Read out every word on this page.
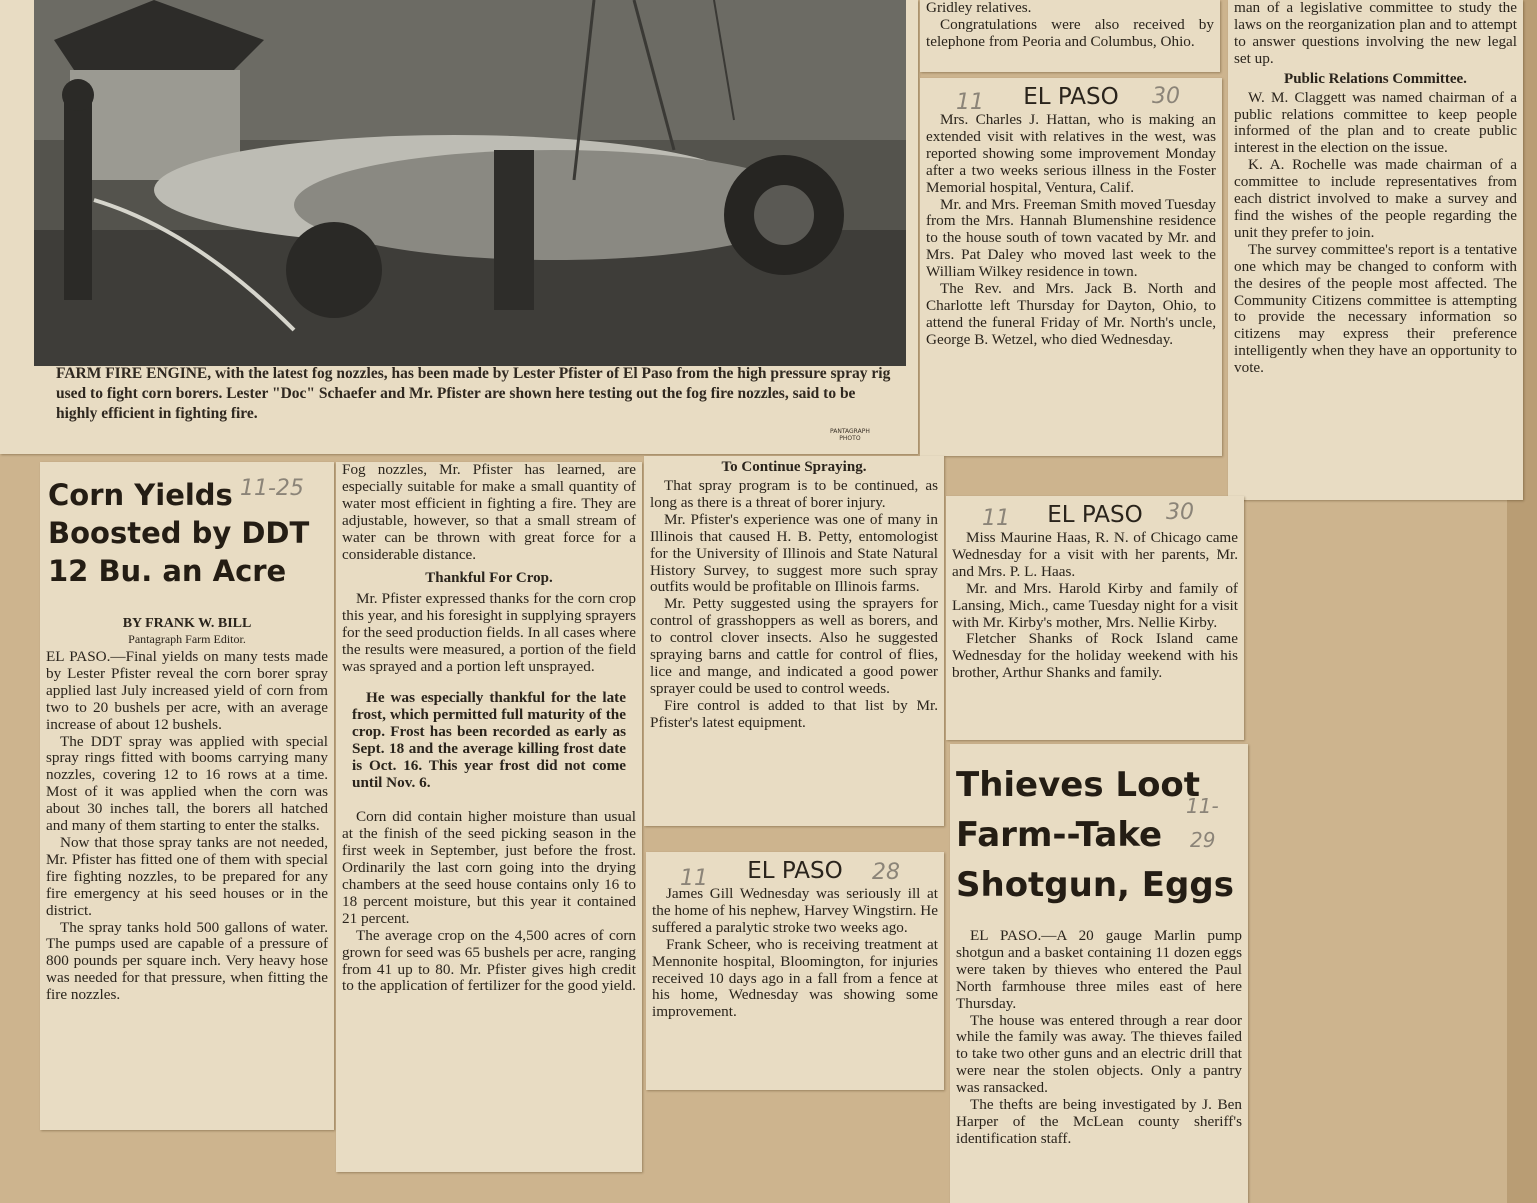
FARM FIRE ENGINE, with the latest fog nozzles, has been made by Lester Pfister of El Paso from the high pressure spray rig used to fight corn borers. Lester "Doc" Schaefer and Mr. Pfister are shown here testing out the fog fire nozzles, said to be highly efficient in fighting fire.
PANTAGRAPH
PHOTO
Gridley relatives.

Congratulations were also received by telephone from Peoria and Columbus, Ohio.

man of a legislative committee to study the laws on the reorganization plan and to attempt to answer questions involving the new legal set up.
Public Relations Committee.

W. M. Claggett was named chairman of a public relations committee to keep people informed of the plan and to create public interest in the election on the issue.

K. A. Rochelle was made chairman of a committee to include representatives from each district involved to make a survey and find the wishes of the people regarding the unit they prefer to join.

The survey committee's report is a tentative one which may be changed to conform with the desires of the people most affected. The Community Citizens committee is attempting to provide the necessary information so citizens may express their preference intelligently when they have an opportunity to vote.

11	30
EL PASO

Mrs. Charles J. Hattan, who is making an extended visit with relatives in the west, was reported showing some improvement Monday after a two weeks serious illness in the Foster Memorial hospital, Ventura, Calif.

Mr. and Mrs. Freeman Smith moved Tuesday from the Mrs. Hannah Blumenshine residence to the house south of town vacated by Mr. and Mrs. Pat Daley who moved last week to the William Wilkey residence in town.

The Rev. and Mrs. Jack B. North and Charlotte left Thursday for Dayton, Ohio, to attend the funeral Friday of Mr. North's uncle, George B. Wetzel, who died Wednesday.

11-25
Corn Yields
Boosted by DDT
12 Bu. an Acre
BY FRANK W. BILL
Pantagraph Farm Editor.

EL PASO.—Final yields on many tests made by Lester Pfister reveal the corn borer spray applied last July increased yield of corn from two to 20 bushels per acre, with an average increase of about 12 bushels.

The DDT spray was applied with special spray rings fitted with booms carrying many nozzles, covering 12 to 16 rows at a time. Most of it was applied when the corn was about 30 inches tall, the borers all hatched and many of them starting to enter the stalks.

Now that those spray tanks are not needed, Mr. Pfister has fitted one of them with special fire fighting nozzles, to be prepared for any fire emergency at his seed houses or in the district.

The spray tanks hold 500 gallons of water. The pumps used are capable of a pressure of 800 pounds per square inch. Very heavy hose was needed for that pressure, when fitting the fire nozzles.

Fog nozzles, Mr. Pfister has learned, are especially suitable for make a small quantity of water most efficient in fighting a fire. They are adjustable, however, so that a small stream of water can be thrown with great force for a considerable distance.
Thankful For Crop.

Mr. Pfister expressed thanks for the corn crop this year, and his foresight in supplying sprayers for the seed production fields. In all cases where the results were measured, a portion of the field was sprayed and a portion left unsprayed.

He was especially thankful for the late frost, which permitted full maturity of the crop. Frost has been recorded as early as Sept. 18 and the average killing frost date is Oct. 16. This year frost did not come until Nov. 6.

Corn did contain higher moisture than usual at the finish of the seed picking season in the first week in September, just before the frost. Ordinarily the last corn going into the drying chambers at the seed house contains only 16 to 18 percent moisture, but this year it contained 21 percent.

The average crop on the 4,500 acres of corn grown for seed was 65 bushels per acre, ranging from 41 up to 80. Mr. Pfister gives high credit to the application of fertilizer for the good yield.

To Continue Spraying.

That spray program is to be continued, as long as there is a threat of borer injury.

Mr. Pfister's experience was one of many in Illinois that caused H. B. Petty, entomologist for the University of Illinois and State Natural History Survey, to suggest more such spray outfits would be profitable on Illinois farms.

Mr. Petty suggested using the sprayers for control of grasshoppers as well as borers, and to control clover insects. Also he suggested spraying barns and cattle for control of flies, lice and mange, and indicated a good power sprayer could be used to control weeds.

Fire control is added to that list by Mr. Pfister's latest equipment.

11	30
EL PASO

Miss Maurine Haas, R. N. of Chicago came Wednesday for a visit with her parents, Mr. and Mrs. P. L. Haas.

Mr. and Mrs. Harold Kirby and family of Lansing, Mich., came Tuesday night for a visit with Mr. Kirby's mother, Mrs. Nellie Kirby.

Fletcher Shanks of Rock Island came Wednesday for the holiday weekend with his brother, Arthur Shanks and family.

11	28
EL PASO

James Gill Wednesday was seriously ill at the home of his nephew, Harvey Wingstirn. He suffered a paralytic stroke two weeks ago.

Frank Scheer, who is receiving treatment at Mennonite hospital, Bloomington, for injuries received 10 days ago in a fall from a fence at his home, Wednesday was showing some improvement.

11-
29
Thieves Loot
Farm--Take
Shotgun, Eggs

EL PASO.—A 20 gauge Marlin pump shotgun and a basket containing 11 dozen eggs were taken by thieves who entered the Paul North farmhouse three miles east of here Thursday.

The house was entered through a rear door while the family was away. The thieves failed to take two other guns and an electric drill that were near the stolen objects. Only a pantry was ransacked.

The thefts are being investigated by J. Ben Harper of the McLean county sheriff's identification staff.
